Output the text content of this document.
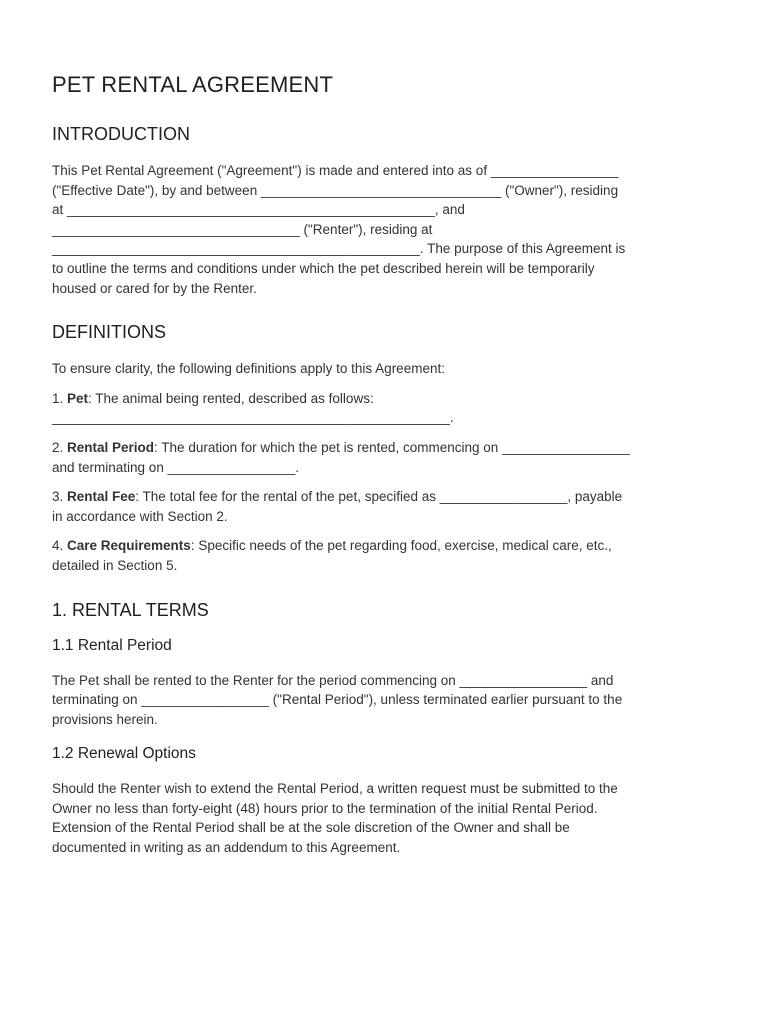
PET RENTAL AGREEMENT
INTRODUCTION

This Pet Rental Agreement ("Agreement") is made and entered into as of _________________

("Effective Date"), by and between ________________________________ ("Owner"), residing

at _________________________________________________, and

_________________________________ ("Renter"), residing at

_________________________________________________. The purpose of this Agreement is

to outline the terms and conditions under which the pet described herein will be temporarily

housed or cared for by the Renter.

DEFINITIONS

To ensure clarity, the following definitions apply to this Agreement:

1. Pet: The animal being rented, described as follows:

_____________________________________________________.

2. Rental Period: The duration for which the pet is rented, commencing on _________________

and terminating on _________________.

3. Rental Fee: The total fee for the rental of the pet, specified as _________________, payable

in accordance with Section 2.

4. Care Requirements: Specific needs of the pet regarding food, exercise, medical care, etc.,

detailed in Section 5.

1. RENTAL TERMS
1.1 Rental Period

The Pet shall be rented to the Renter for the period commencing on _________________ and

terminating on _________________ ("Rental Period"), unless terminated earlier pursuant to the

provisions herein.

1.2 Renewal Options

Should the Renter wish to extend the Rental Period, a written request must be submitted to the

Owner no less than forty-eight (48) hours prior to the termination of the initial Rental Period.

Extension of the Rental Period shall be at the sole discretion of the Owner and shall be

documented in writing as an addendum to this Agreement.
